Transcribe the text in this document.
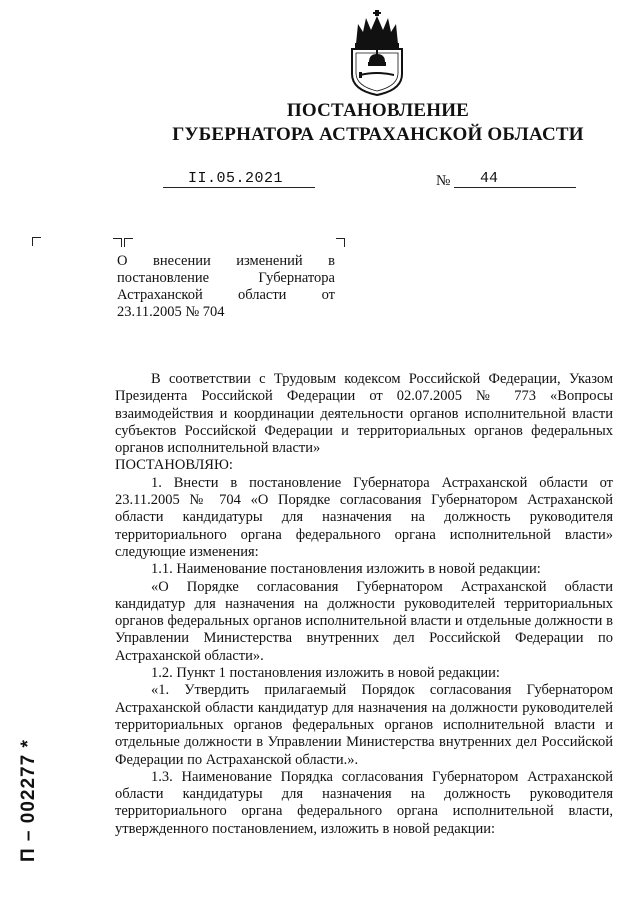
ПОСТАНОВЛЕНИЕ
ГУБЕРНАТОРА АСТРАХАНСКОЙ ОБЛАСТИ
II.05.2021	№ 44
О внесении изменений в постановление Губернатора Астраханской области от 23.11.2005 № 704

В соответствии с Трудовым кодексом Российской Федерации, Указом Президента Российской Федерации от 02.07.2005 № 773 «Вопросы взаимодействия и координации деятельности органов исполнительной власти субъектов Российской Федерации и территориальных органов федеральных органов исполнительной власти»

ПОСТАНОВЛЯЮ:

1. Внести в постановление Губернатора Астраханской области от 23.11.2005 № 704 «О Порядке согласования Губернатором Астраханской области кандидатуры для назначения на должность руководителя территориального органа федерального органа исполнительной власти» следующие изменения:

1.1. Наименование постановления изложить в новой редакции:

«О Порядке согласования Губернатором Астраханской области кандидатур для назначения на должности руководителей территориальных органов федеральных органов исполнительной власти и отдельные должности в Управлении Министерства внутренних дел Российской Федерации по Астраханской области».

1.2. Пункт 1 постановления изложить в новой редакции:

«1. Утвердить прилагаемый Порядок согласования Губернатором Астраханской области кандидатур для назначения на должности руководителей территориальных органов федеральных органов исполнительной власти и отдельные должности в Управлении Министерства внутренних дел Российской Федерации по Астраханской области.».

1.3. Наименование Порядка согласования Губернатором Астраханской области кандидатуры для назначения на должность руководителя территориального органа федерального органа исполнительной власти, утвержденного постановлением, изложить в новой редакции:

П – 002277 *
